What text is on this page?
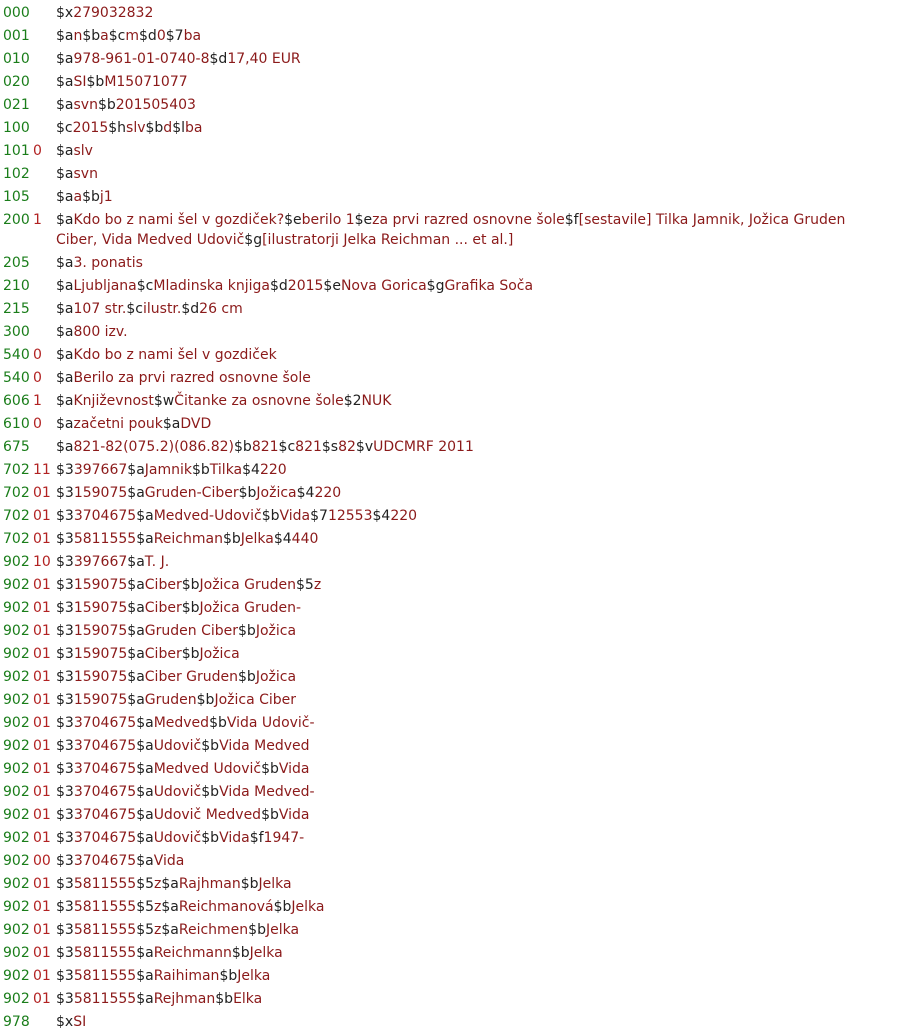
000 $x279032832
001 $an$ba$cm$d0$7ba
010 $a978-961-01-0740-8$d17,40 EUR
020 $aSI$bM15071077
021 $asvn$b201505403
100 $c2015$hslv$bd$lba
101 0 $aslv
102 $asvn
105 $aa$bj1
200 1 $aKdo bo z nami šel v gozdiček?$eberilo 1$eza prvi razred osnovne šole$f[sestavile] Tilka Jamnik, Jožica Gruden Ciber, Vida Medved Udovič$g[ilustratorji Jelka Reichman ... et al.]
205 $a3. ponatis
210 $aLjubljana$cMladinska knjiga$d2015$eNova Gorica$gGrafika Soča
215 $a107 str.$cilustr.$d26 cm
300 $a800 izv.
540 0 $aKdo bo z nami šel v gozdiček
540 0 $aBerilo za prvi razred osnovne šole
606 1 $aKnjiževnost$wČitanke za osnovne šole$2NUK
610 0 $azačetni pouk$aDVD
675 $a821-82(075.2)(086.82)$b821$c821$s82$vUDCMRF 2011
702 11 $3397667$aJamnik$bTilka$4220
702 01 $3159075$aGruden-Ciber$bJožica$4220
702 01 $33704675$aMedved-Udovič$bVida$712553$4220
702 01 $35811555$aReichman$bJelka$4440
902 10 $3397667$aT. J.
902 01 $3159075$aCiber$bJožica Gruden$5z
902 01 $3159075$aCiber$bJožica Gruden-
902 01 $3159075$aGruden Ciber$bJožica
902 01 $3159075$aCiber$bJožica
902 01 $3159075$aCiber Gruden$bJožica
902 01 $3159075$aGruden$bJožica Ciber
902 01 $33704675$aMedved$bVida Udovič-
902 01 $33704675$aUdovič$bVida Medved
902 01 $33704675$aMedved Udovič$bVida
902 01 $33704675$aUdovič$bVida Medved-
902 01 $33704675$aUdovič Medved$bVida
902 01 $33704675$aUdovič$bVida$f1947-
902 00 $33704675$aVida
902 01 $35811555$5z$aRajhman$bJelka
902 01 $35811555$5z$aReichmanová$bJelka
902 01 $35811555$5z$aReichmen$bJelka
902 01 $35811555$aReichmann$bJelka
902 01 $35811555$aRaihiman$bJelka
902 01 $35811555$aRejhman$bElka
978 $xSI
